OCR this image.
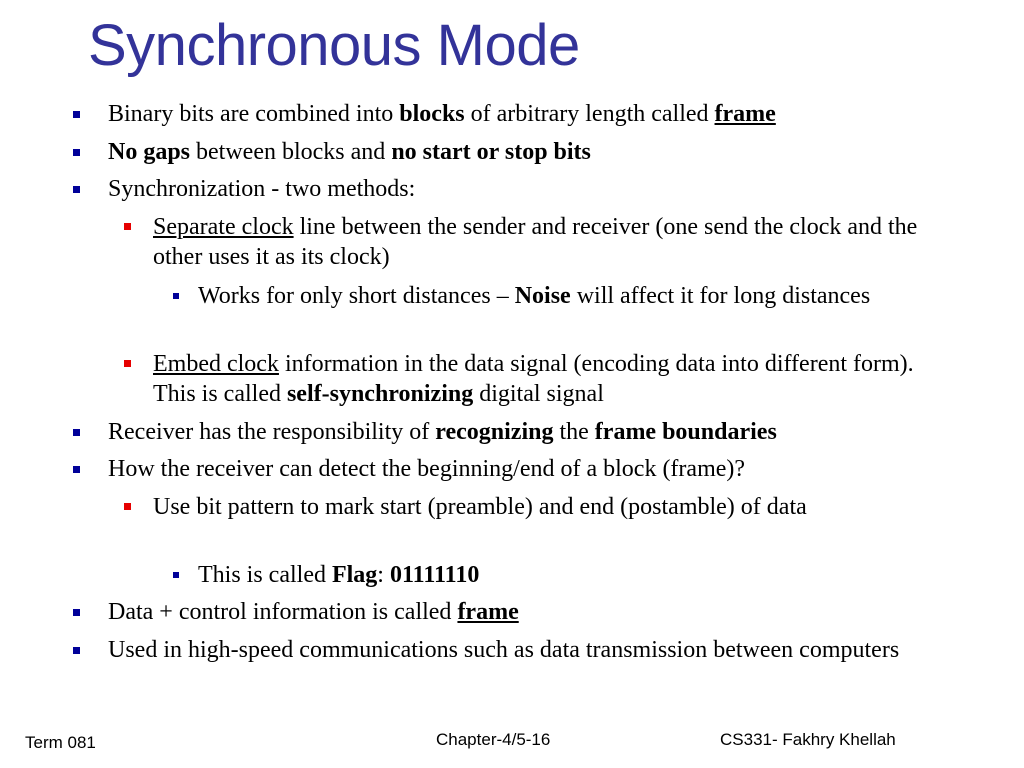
Synchronous Mode
Binary bits are combined into blocks of arbitrary length called frame
No gaps between blocks and no start or stop bits
Synchronization - two methods:
Separate clock line between the sender and receiver (one send the clock and the other uses it as its clock)
Works for only short distances – Noise will affect it for long distances
Embed clock information in the data signal (encoding data into different form). This is called self-synchronizing digital signal
Receiver has the responsibility of recognizing the frame boundaries
How the receiver can detect the beginning/end of a block (frame)?
Use bit pattern to mark start (preamble) and end (postamble) of data
This is called Flag: 01111110
Data + control information is called frame
Used in high-speed communications such as data transmission between computers
Term 081	Chapter-4/5-16	CS331- Fakhry Khellah
